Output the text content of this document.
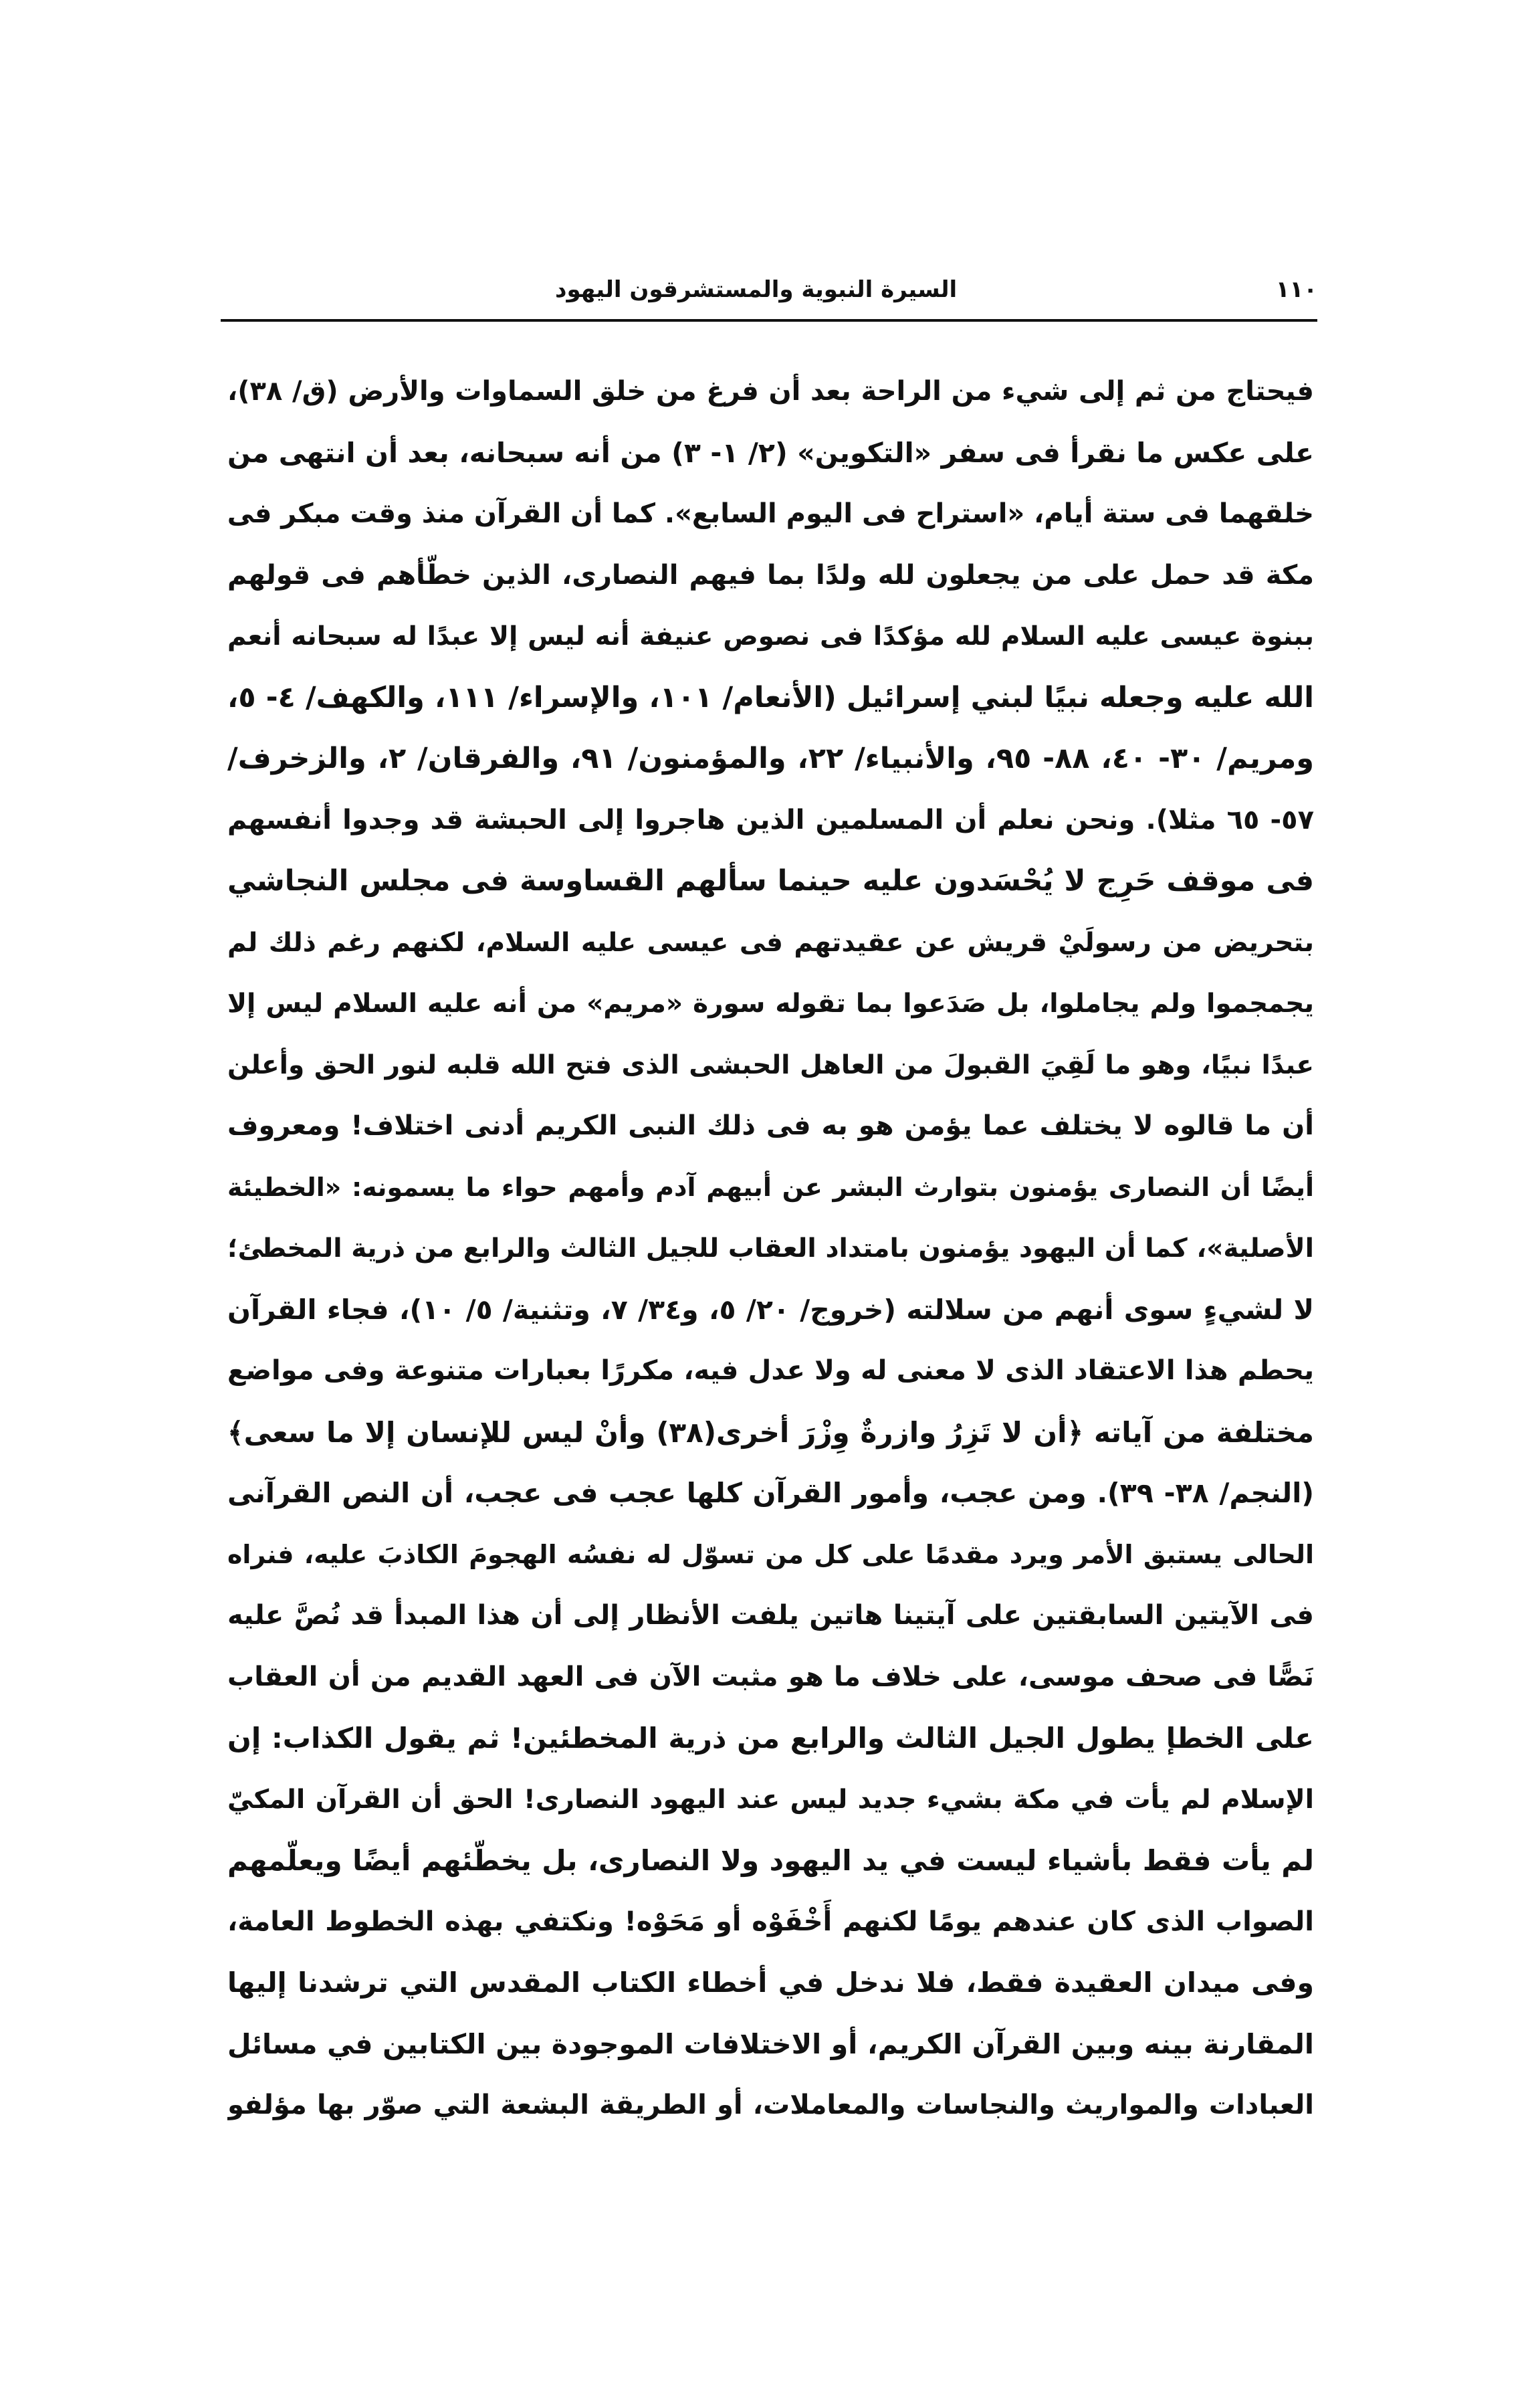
١١٠
السيرة النبوية والمستشرقون اليهود
فيحتاج من ثم إلى شيء من الراحة بعد أن فرغ من خلق السماوات والأرض (ق/ ٣٨)،
على عكس ما نقرأ فى سفر «التكوين» (٢/ ١- ٣) من أنه سبحانه، بعد أن انتهى من
خلقهما فى ستة أيام، «استراح فى اليوم السابع». كما أن القرآن منذ وقت مبكر فى
مكة قد حمل على من يجعلون لله ولدًا بما فيهم النصارى، الذين خطّأهم فى قولهم
ببنوة عيسى عليه السلام لله مؤكدًا فى نصوص عنيفة أنه ليس إلا عبدًا له سبحانه أنعم
الله عليه وجعله نبيًا لبني إسرائيل (الأنعام/ ١٠١، والإسراء/ ١١١، والكهف/ ٤- ٥،
ومريم/ ٣٠- ٤٠، ٨٨- ٩٥، والأنبياء/ ٢٢، والمؤمنون/ ٩١، والفرقان/ ٢، والزخرف/
٥٧- ٦٥ مثلا). ونحن نعلم أن المسلمين الذين هاجروا إلى الحبشة قد وجدوا أنفسهم
فى موقف حَرِج لا يُحْسَدون عليه حينما سألهم القساوسة فى مجلس النجاشي
بتحريض من رسولَيْ قريش عن عقيدتهم فى عيسى عليه السلام، لكنهم رغم ذلك لم
يجمجموا ولم يجاملوا، بل صَدَعوا بما تقوله سورة «مريم» من أنه عليه السلام ليس إلا
عبدًا نبيًا، وهو ما لَقِيَ القبولَ من العاهل الحبشى الذى فتح الله قلبه لنور الحق وأعلن
أن ما قالوه لا يختلف عما يؤمن هو به فى ذلك النبى الكريم أدنى اختلاف! ومعروف
أيضًا أن النصارى يؤمنون بتوارث البشر عن أبيهم آدم وأمهم حواء ما يسمونه: «الخطيئة
الأصلية»، كما أن اليهود يؤمنون بامتداد العقاب للجيل الثالث والرابع من ذرية المخطئ؛
لا لشيءٍ سوى أنهم من سلالته (خروج/ ٢٠/ ٥، و٣٤/ ٧، وتثنية/ ٥/ ١٠)، فجاء القرآن
يحطم هذا الاعتقاد الذى لا معنى له ولا عدل فيه، مكررًا بعبارات متنوعة وفى مواضع
مختلفة من آياته ﴿أن لا تَزِرُ وازرةٌ وِزْرَ أخرى(٣٨) وأنْ ليس للإنسان إلا ما سعى﴾
(النجم/ ٣٨- ٣٩). ومن عجب، وأمور القرآن كلها عجب فى عجب، أن النص القرآنى
الحالى يستبق الأمر ويرد مقدمًا على كل من تسوّل له نفسُه الهجومَ الكاذبَ عليه، فنراه
فى الآيتين السابقتين على آيتينا هاتين يلفت الأنظار إلى أن هذا المبدأ قد نُصَّ عليه
نَصًّا فى صحف موسى، على خلاف ما هو مثبت الآن فى العهد القديم من أن العقاب
على الخطإ يطول الجيل الثالث والرابع من ذرية المخطئين! ثم يقول الكذاب: إن
الإسلام لم يأت في مكة بشيء جديد ليس عند اليهود النصارى! الحق أن القرآن المكيّ
لم يأت فقط بأشياء ليست في يد اليهود ولا النصارى، بل يخطّئهم أيضًا ويعلّمهم
الصواب الذى كان عندهم يومًا لكنهم أَخْفَوْه أو مَحَوْه! ونكتفي بهذه الخطوط العامة،
وفى ميدان العقيدة فقط، فلا ندخل في أخطاء الكتاب المقدس التي ترشدنا إليها
المقارنة بينه وبين القرآن الكريم، أو الاختلافات الموجودة بين الكتابين في مسائل
العبادات والمواريث والنجاسات والمعاملات، أو الطريقة البشعة التي صوّر بها مؤلفو
